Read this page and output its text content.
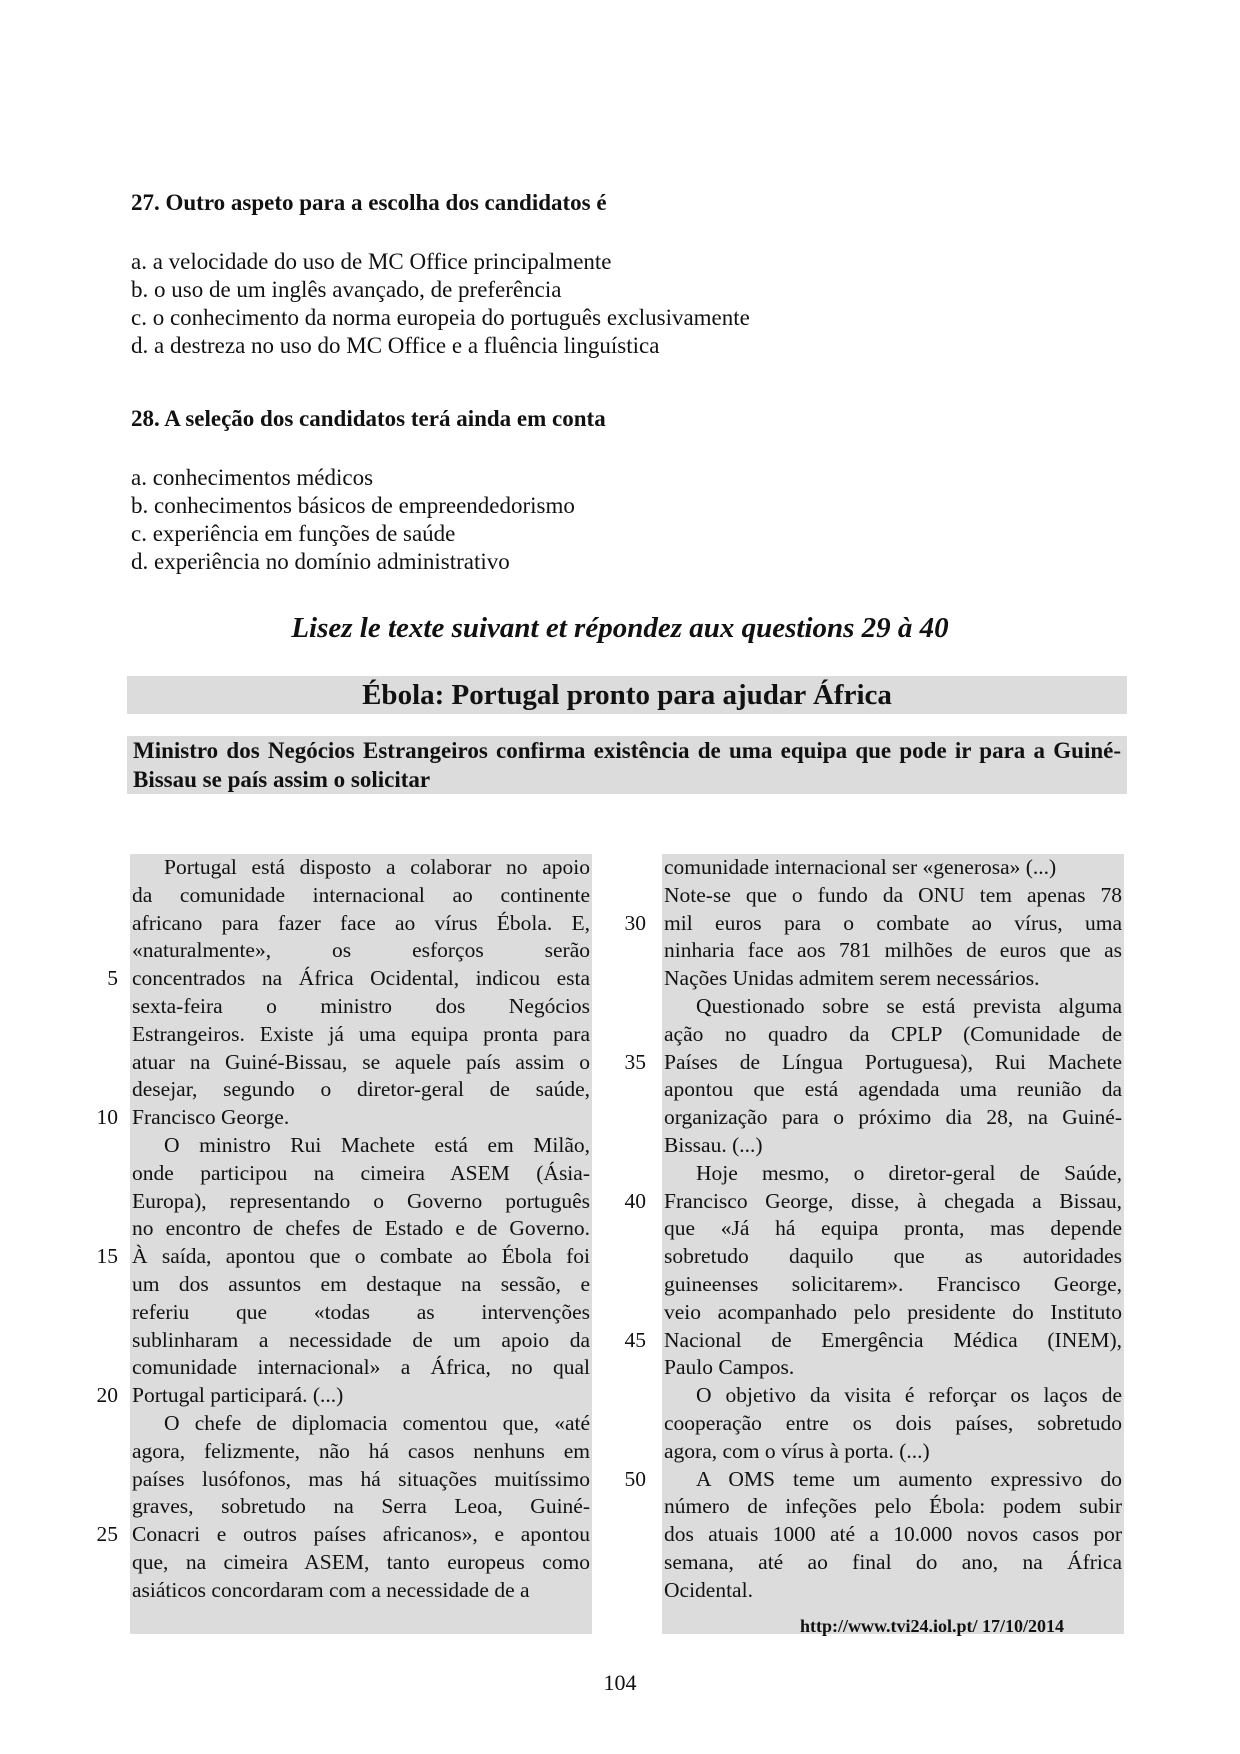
27. Outro aspeto para a escolha dos candidatos é
a. a velocidade do uso de MC Office principalmente
b. o uso de um inglês avançado, de preferência
c. o conhecimento da norma europeia do português exclusivamente
d. a destreza no uso do MC Office e a fluência linguística
28. A seleção dos candidatos terá ainda em conta
a. conhecimentos médicos
b. conhecimentos básicos de empreendedorismo
c. experiência em funções de saúde
d. experiência no domínio administrativo
Lisez le texte suivant et répondez aux questions 29 à 40
Ébola: Portugal pronto para ajudar África
Ministro dos Negócios Estrangeiros confirma existência de uma equipa que pode ir para a Guiné-Bissau se país assim o solicitar
Portugal está disposto a colaborar no apoio
da comunidade internacional ao continente
africano para fazer face ao vírus Ébola. E,
«naturalmente», os esforços serão
concentrados na África Ocidental, indicou esta
sexta-feira o ministro dos Negócios
Estrangeiros. Existe já uma equipa pronta para
atuar na Guiné-Bissau, se aquele país assim o
desejar, segundo o diretor-geral de saúde,
Francisco George.
O ministro Rui Machete está em Milão,
onde participou na cimeira ASEM (Ásia-
Europa), representando o Governo português
no encontro de chefes de Estado e de Governo.
À saída, apontou que o combate ao Ébola foi
um dos assuntos em destaque na sessão, e
referiu que «todas as intervenções
sublinharam a necessidade de um apoio da
comunidade internacional» a África, no qual
Portugal participará. (...)
O chefe de diplomacia comentou que, «até
agora, felizmente, não há casos nenhuns em
países lusófonos, mas há situações muitíssimo
graves, sobretudo na Serra Leoa, Guiné-
Conacri e outros países africanos», e apontou
que, na cimeira ASEM, tanto europeus como
asiáticos concordaram com a necessidade de a
comunidade internacional ser «generosa» (...)
Note-se que o fundo da ONU tem apenas 78
mil euros para o combate ao vírus, uma
ninharia face aos 781 milhões de euros que as
Nações Unidas admitem serem necessários.
Questionado sobre se está prevista alguma
ação no quadro da CPLP (Comunidade de
Países de Língua Portuguesa), Rui Machete
apontou que está agendada uma reunião da
organização para o próximo dia 28, na Guiné-
Bissau. (...)
Hoje mesmo, o diretor-geral de Saúde,
Francisco George, disse, à chegada a Bissau,
que «Já há equipa pronta, mas depende
sobretudo daquilo que as autoridades
guineenses solicitarem». Francisco George,
veio acompanhado pelo presidente do Instituto
Nacional de Emergência Médica (INEM),
Paulo Campos.
O objetivo da visita é reforçar os laços de
cooperação entre os dois países, sobretudo
agora, com o vírus à porta. (...)
A OMS teme um aumento expressivo do
número de infeções pelo Ébola: podem subir
dos atuais 1000 até a 10.000 novos casos por
semana, até ao final do ano, na África
Ocidental.
5
10
15
20
25
30
35
40
45
50
http://www.tvi24.iol.pt/ 17/10/2014
104
